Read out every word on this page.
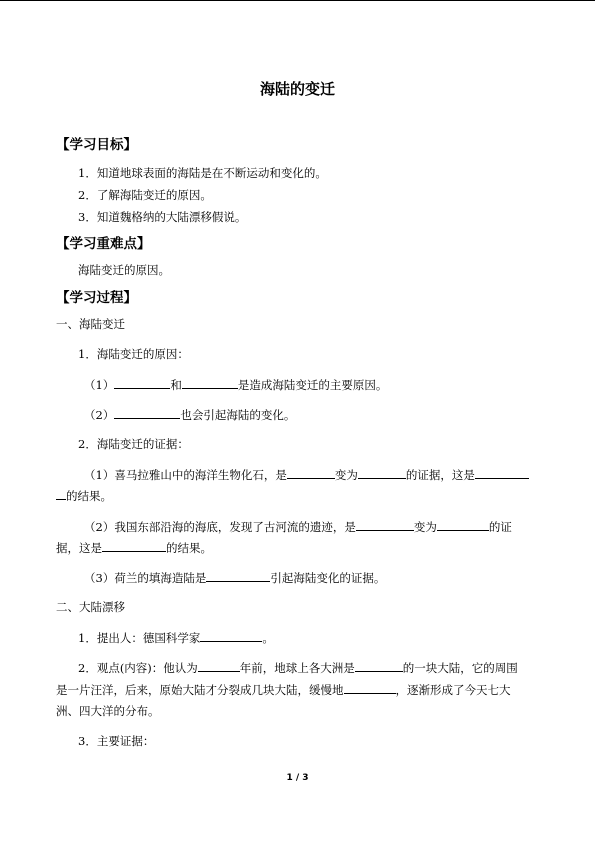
海陆的变迁
【学习目标】
1．知道地球表面的海陆是在不断运动和变化的。
2．了解海陆变迁的原因。
3．知道魏格纳的大陆漂移假说。
【学习重难点】
海陆变迁的原因。
【学习过程】
一、海陆变迁
1．海陆变迁的原因：
（1）	和	是造成海陆变迁的主要原因。
（2）	也会引起海陆的变化。
2．海陆变迁的证据：
（1）喜马拉雅山中的海洋生物化石，是	变为	的证据，这是
的结果。
（2）我国东部沿海的海底，发现了古河流的遗迹，是	变为	的证
据，这是	的结果。
（3）荷兰的填海造陆是	引起海陆变化的证据。
二、大陆漂移
1．提出人：德国科学家	。
2．观点(内容)：他认为	年前，地球上各大洲是	的一块大陆，它的周围
是一片汪洋，后来，原始大陆才分裂成几块大陆，缓慢地	，逐渐形成了今天七大
洲、四大洋的分布。
3．主要证据：
1 / 3
